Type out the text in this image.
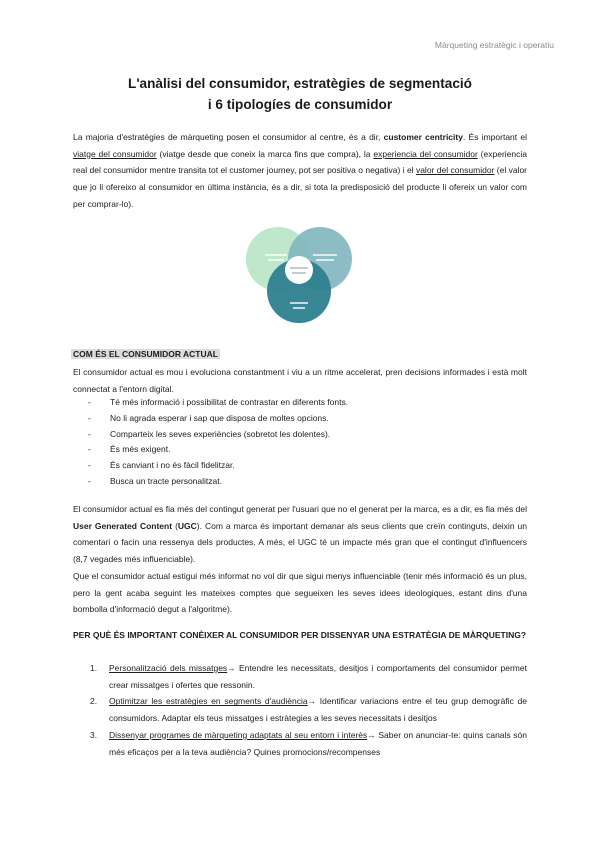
Màrqueting estratègic i operatiu
L'anàlisi del consumidor, estratègies de segmentació
i 6 tipologíes de consumidor
La majoria d'estratègies de màrqueting posen el consumidor al centre, és a dir, customer centricity. És important el viatge del consumidor (viatge desde que coneix la marca fins que compra), la experiencia del consumidor (experiencia real del consumidor mentre transita tot el customer journey, pot ser positiva o negativa) i el valor del consumidor (el valor que jo li ofereixo al consumidor en última instància, és a dir, si tota la predisposició del producte li ofereix un valor com per comprar-lo).
COM ÉS EL CONSUMIDOR ACTUAL
El consumidor actual es mou i evoluciona constantment i viu a un ritme accelerat, pren decisions informades i està molt connectat a l'entorn digital.
-	Té més informació i possibilitat de contrastar en diferents fonts.
-	No li agrada esperar i sap que disposa de moltes opcions.
-	Comparteix les seves experiències (sobretot les dolentes).
-	És més exigent.
-	És canviant i no és fàcil fidelitzar.
-	Busca un tracte personalitzat.
El consumidor actual es fia més del contingut generat per l'usuari que no el generat per la marca, es a dir, es fia més del User Generated Content (UGC). Com a marca és important demanar als seus clients que creïn continguts, deixin un comentari o facin una ressenya dels productes. A més, el UGC té un impacte més gran que el contingut d'influencers (8,7 vegades més influenciable).
Que el consumidor actual estigui més informat no vol dir que sigui menys influenciable (tenir més informació és un plus, pero la gent acaba seguint les mateixes comptes que segueixen les seves idees ideologiques, estant dins d'una bombolla d'informació degut a l'algoritme).
PER QUÈ ÉS IMPORTANT CONÈIXER AL CONSUMIDOR PER DISSENYAR UNA ESTRATÈGIA DE MÀRQUETING?
1.	Personalització dels missatges→ Entendre les necessitats, desitjos i comportaments del consumidor permet crear missatges i ofertes que ressonin.
2.	Optimitzar les estratègies en segments d'audiència→ Identificar variacions entre el teu grup demogràfic de consumidors. Adaptar els teus missatges i estràtegies a les seves necessitats i desitjos
3.	Dissenyar programes de màrqueting adaptats al seu entorn i interès→ Saber on anunciar-te: quins canals són més eficaços per a la teva audiència? Quines promocions/recompenses
